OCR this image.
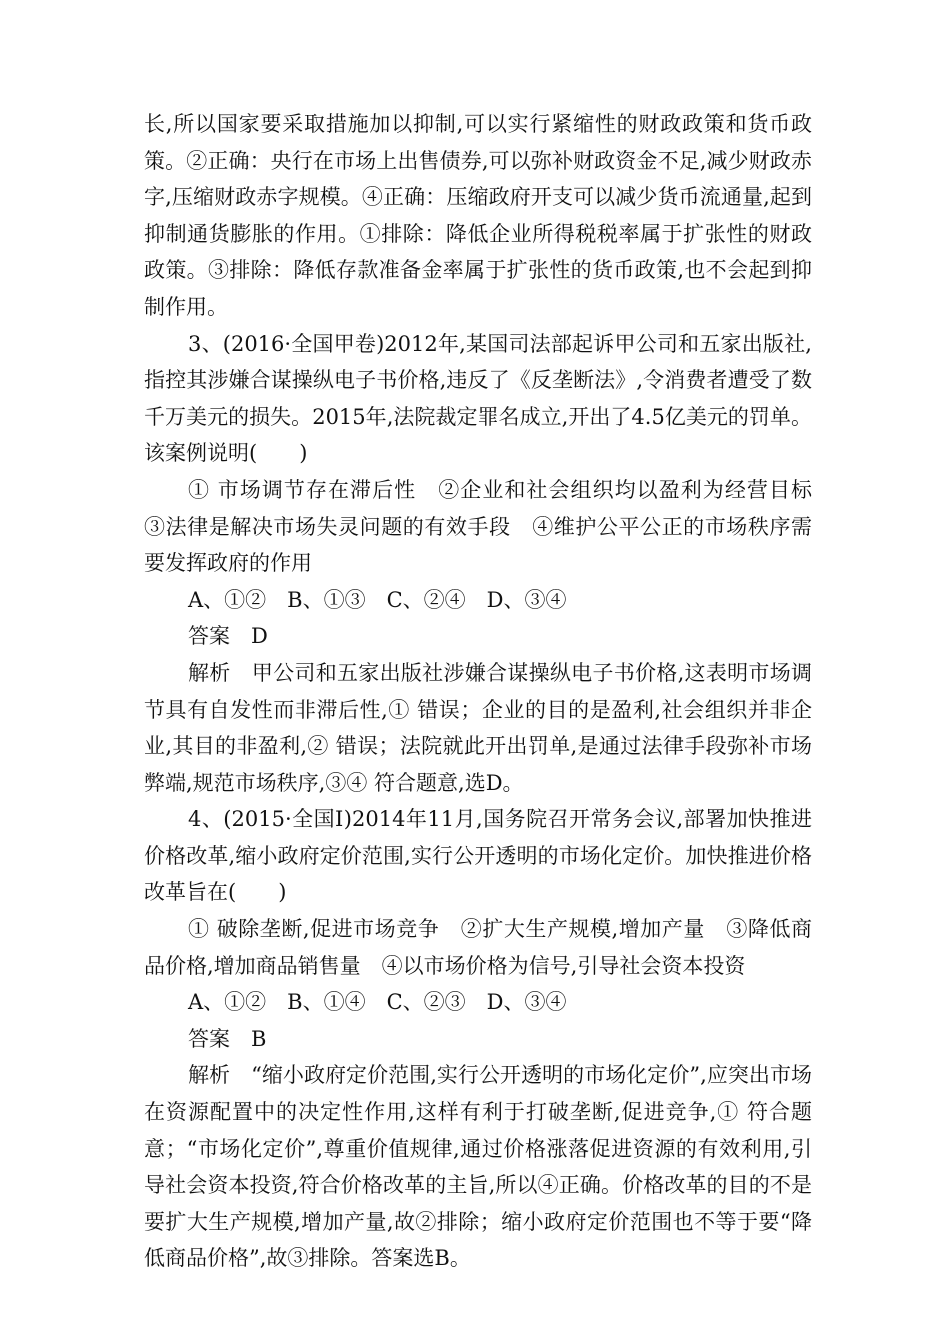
长,所以国家要采取措施加以抑制,可以实行紧缩性的财政政策和货币政策。②正确：央行在市场上出售债券,可以弥补财政资金不足,减少财政赤字,压缩财政赤字规模。④正确：压缩政府开支可以减少货币流通量,起到抑制通货膨胀的作用。①排除：降低企业所得税税率属于扩张性的财政政策。③排除：降低存款准备金率属于扩张性的货币政策,也不会起到抑制作用。

3、(2016·全国甲卷)2012年,某国司法部起诉甲公司和五家出版社,指控其涉嫌合谋操纵电子书价格,违反了《反垄断法》,令消费者遭受了数千万美元的损失。2015年,法院裁定罪名成立,开出了4.5亿美元的罚单。该案例说明(　　)

① 市场调节存在滞后性　②企业和社会组织均以盈利为经营目标　③法律是解决市场失灵问题的有效手段　④维护公平公正的市场秩序需要发挥政府的作用

A、①②　B、①③　C、②④　D、③④

答案　D

解析　甲公司和五家出版社涉嫌合谋操纵电子书价格,这表明市场调节具有自发性而非滞后性,① 错误；企业的目的是盈利,社会组织并非企业,其目的非盈利,② 错误；法院就此开出罚单,是通过法律手段弥补市场弊端,规范市场秩序,③④ 符合题意,选D。

4、(2015·全国Ⅰ)2014年11月,国务院召开常务会议,部署加快推进价格改革,缩小政府定价范围,实行公开透明的市场化定价。加快推进价格改革旨在(　　)

① 破除垄断,促进市场竞争　②扩大生产规模,增加产量　③降低商品价格,增加商品销售量　④以市场价格为信号,引导社会资本投资

A、①②　B、①④　C、②③　D、③④

答案　B

解析　“缩小政府定价范围,实行公开透明的市场化定价”,应突出市场在资源配置中的决定性作用,这样有利于打破垄断,促进竞争,① 符合题意；“市场化定价”,尊重价值规律,通过价格涨落促进资源的有效利用,引导社会资本投资,符合价格改革的主旨,所以④正确。价格改革的目的不是要扩大生产规模,增加产量,故②排除；缩小政府定价范围也不等于要“降低商品价格”,故③排除。答案选B。
